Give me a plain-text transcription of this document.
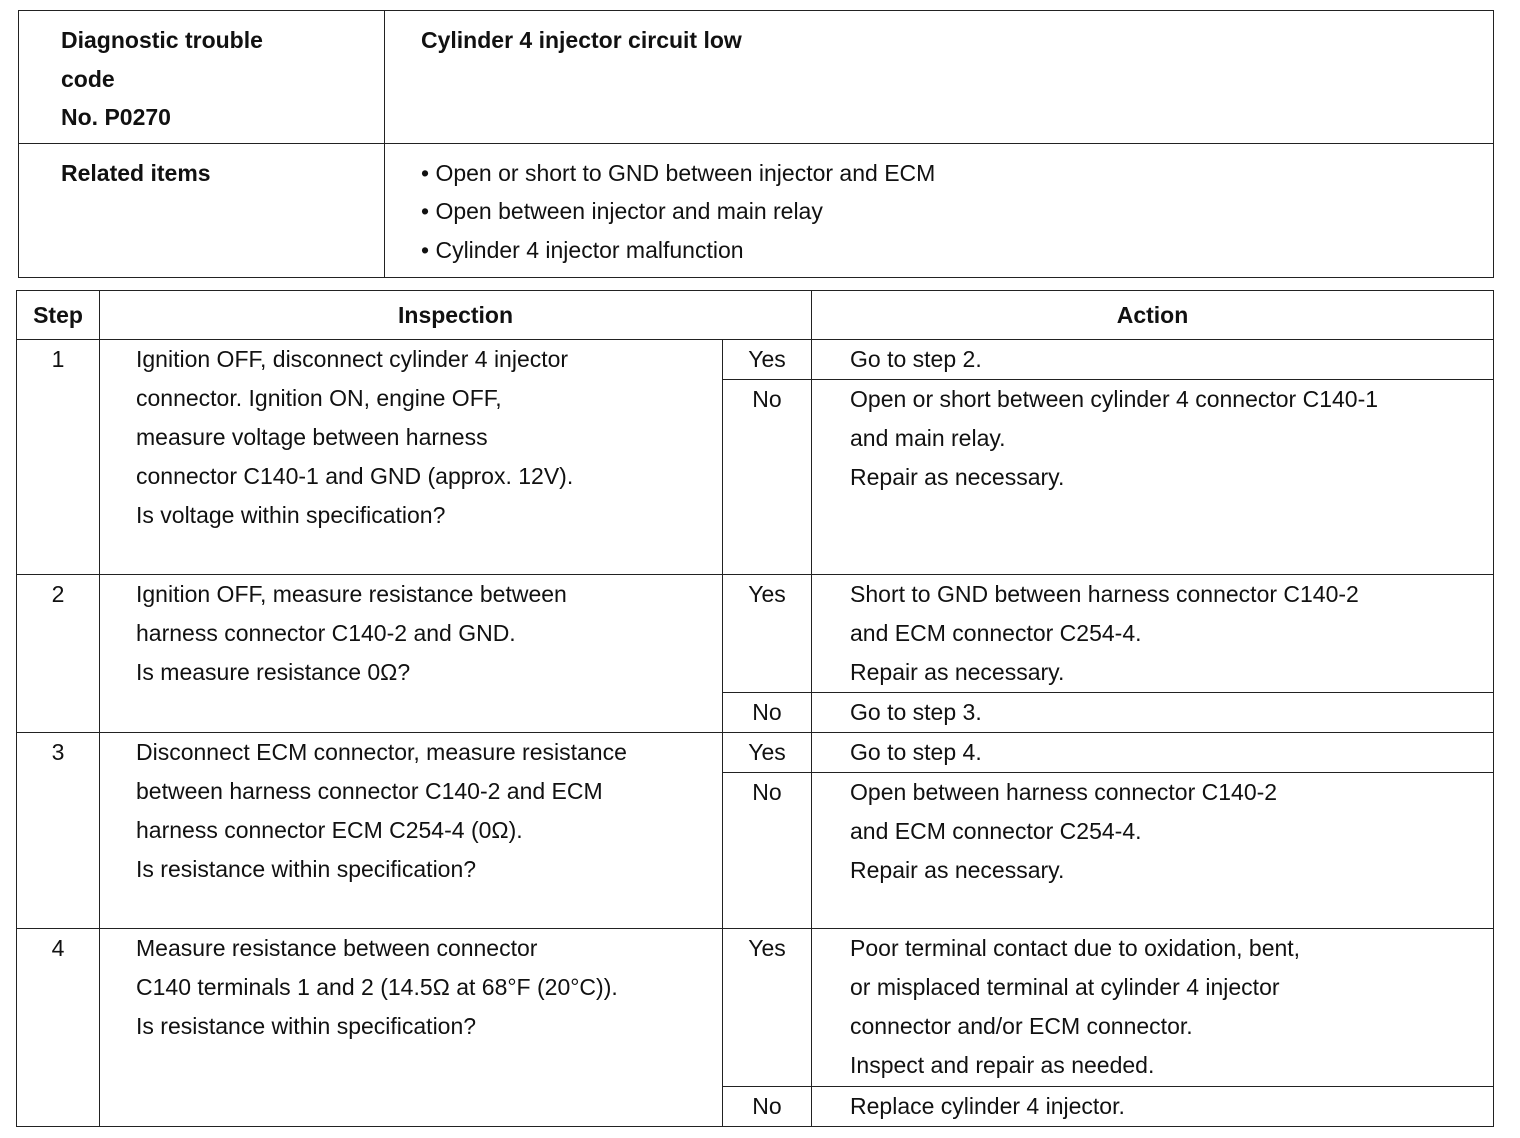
Diagnostic trouble
code
No. P0270	Cylinder 4 injector circuit low
Related items	• Open or short to GND between injector and ECM
• Open between injector and main relay
• Cylinder 4 injector malfunction
Step	Inspection		Action
1	Ignition OFF, disconnect cylinder 4 injector
connector. Ignition ON, engine OFF,
measure voltage between harness
connector C140-1 and GND (approx. 12V).
Is voltage within specification?	Yes	Go to step 2.

		No	Open or short between cylinder 4 connector C140-1
and main relay.
Repair as necessary.

2	Ignition OFF, measure resistance between
harness connector C140-2 and GND.
Is measure resistance 0Ω?	Yes	Short to GND between harness connector C140-2
and ECM connector C254-4.
Repair as necessary.

		No	Go to step 3.

3	Disconnect ECM connector, measure resistance
between harness connector C140-2 and ECM
harness connector ECM C254-4 (0Ω).
Is resistance within specification?	Yes	Go to step 4.

		No	Open between harness connector C140-2
and ECM connector C254-4.
Repair as necessary.

4	Measure resistance between connector
C140 terminals 1 and 2 (14.5Ω at 68°F (20°C)).
Is resistance within specification?	Yes	Poor terminal contact due to oxidation, bent,
or misplaced terminal at cylinder 4 injector
connector and/or ECM connector.
Inspect and repair as needed.

		No	Replace cylinder 4 injector.
